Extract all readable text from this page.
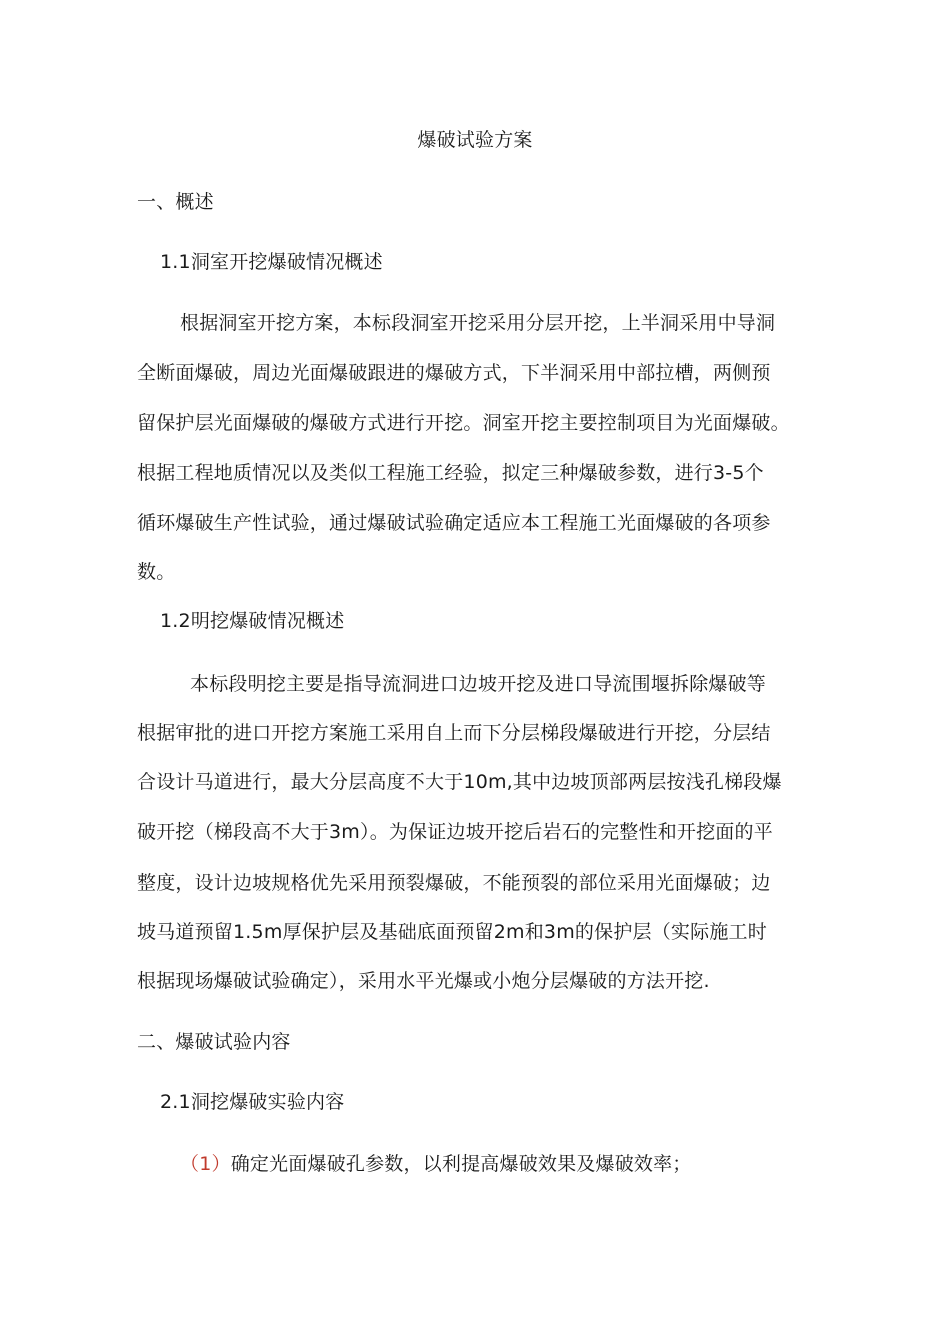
爆破试验方案
一、概述
1.1洞室开挖爆破情况概述
根据洞室开挖方案，本标段洞室开挖采用分层开挖，上半洞采用中导洞
全断面爆破，周边光面爆破跟进的爆破方式，下半洞采用中部拉槽，两侧预
留保护层光面爆破的爆破方式进行开挖。洞室开挖主要控制项目为光面爆破。
根据工程地质情况以及类似工程施工经验，拟定三种爆破参数，进行3-5个
循环爆破生产性试验，通过爆破试验确定适应本工程施工光面爆破的各项参
数。
1.2明挖爆破情况概述
本标段明挖主要是指导流洞进口边坡开挖及进口导流围堰拆除爆破等
根据审批的进口开挖方案施工采用自上而下分层梯段爆破进行开挖，分层结
合设计马道进行，最大分层高度不大于10m,其中边坡顶部两层按浅孔梯段爆
破开挖（梯段高不大于3m）。为保证边坡开挖后岩石的完整性和开挖面的平
整度，设计边坡规格优先采用预裂爆破，不能预裂的部位采用光面爆破；边
坡马道预留1.5m厚保护层及基础底面预留2m和3m的保护层（实际施工时
根据现场爆破试验确定），采用水平光爆或小炮分层爆破的方法开挖.
二、爆破试验内容
2.1洞挖爆破实验内容
（1）确定光面爆破孔参数，以利提高爆破效果及爆破效率；
